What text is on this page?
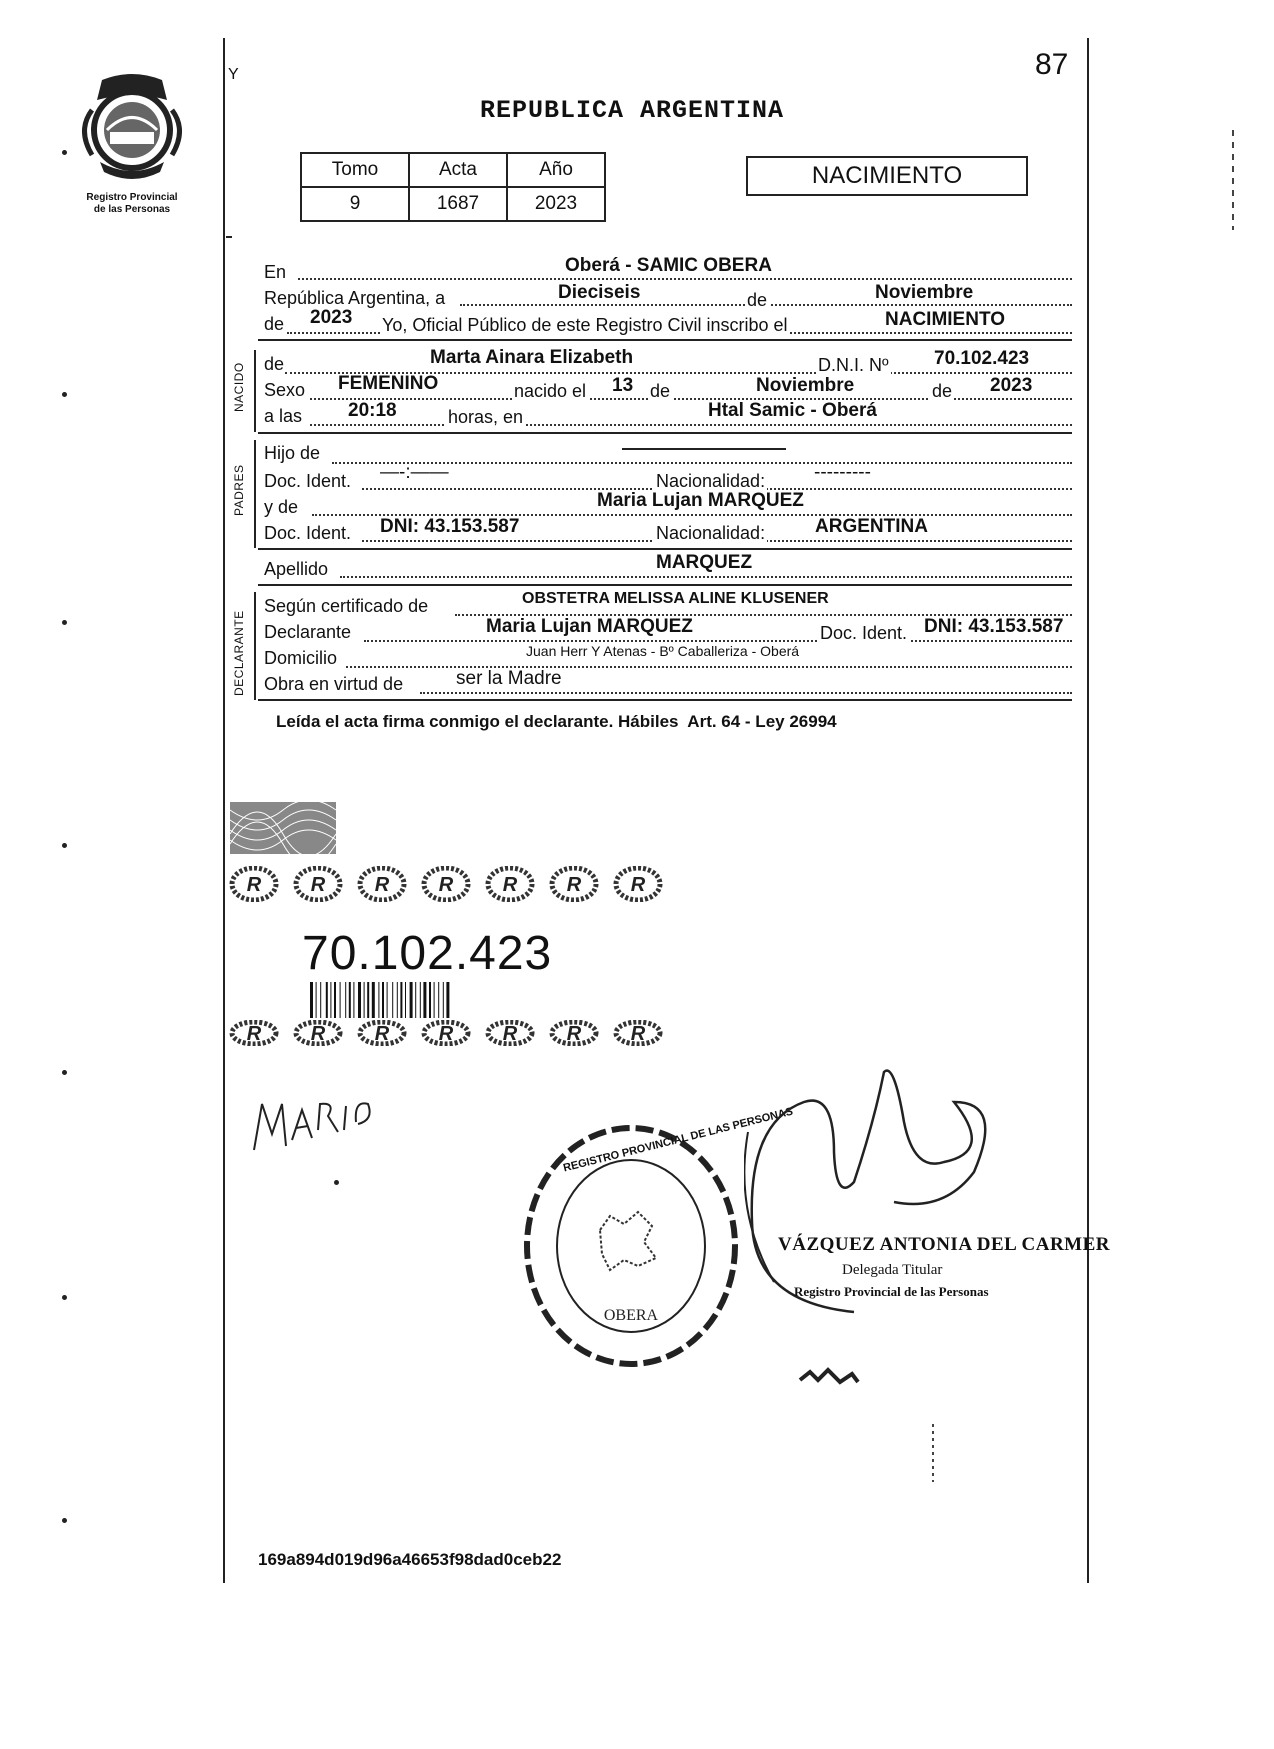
Registro Provincial
de las Personas
Y	87
REPUBLICA ARGENTINA
Tomo	Acta	Año
9	1687	2023
NACIMIENTO
En	Oberá - SAMIC OBERA
República Argentina, a	Dieciseis	de	Noviembre
de 2023 Yo, Oficial Público de este Registro Civil inscribo el	NACIMIENTO
NACIDO de	Marta Ainara Elizabeth	D.N.I. Nº 70.102.423
Sexo FEMENINO	nacido el 13 de	Noviembre	de 2023
a las 20:18	horas, en	Htal Samic - Oberá
PADRES
Hijo de
Doc. Ident. —-:——	Nacionalidad:	---------
y de	Maria Lujan MARQUEZ
Doc. Ident. DNI: 43.153.587	Nacionalidad:	ARGENTINA
Apellido	MARQUEZ
DECLARANTE
Según certificado de	OBSTETRA MELISSA ALINE KLUSENER
Declarante	Maria Lujan MARQUEZ	Doc. Ident. DNI: 43.153.587
Domicilio	Juan Herr Y Atenas - Bº Caballeriza - Oberá
Obra en virtud de	ser la Madre
Leída el acta firma conmigo el declarante. Hábiles  Art. 64 - Ley 26994
R R R R R R R
70.102.423
R R R R R R R
OBERA
REGISTRO PROVINCIAL DE LAS PERSONAS
VÁZQUEZ ANTONIA DEL CARMER
Delegada Titular
Registro Provincial de las Personas
169a894d019d96a46653f98dad0ceb22
